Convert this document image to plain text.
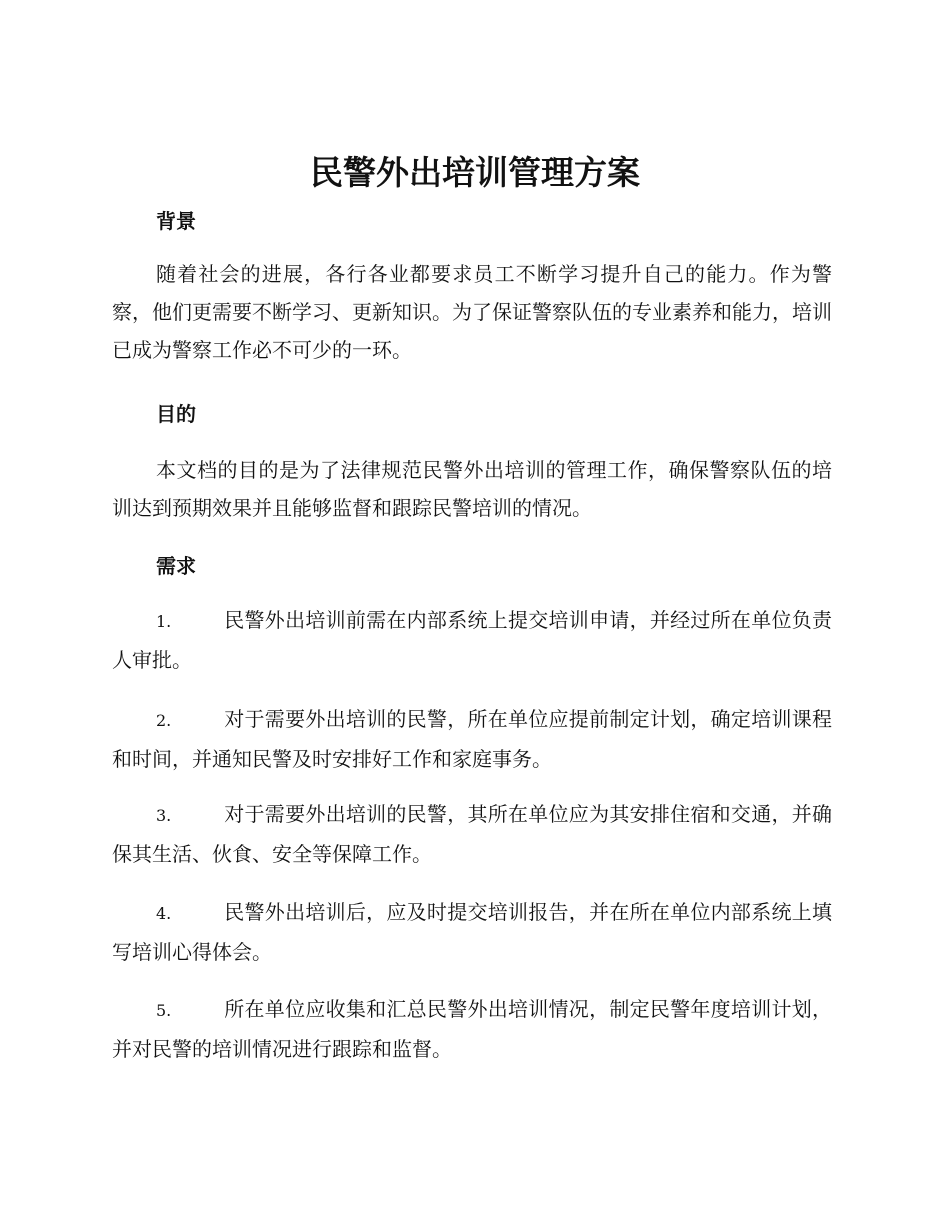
民警外出培训管理方案
背景

随着社会的进展，各行各业都要求员工不断学习提升自己的能力。作为警察，他们更需要不断学习、更新知识。为了保证警察队伍的专业素养和能力，培训已成为警察工作必不可少的一环。

目的

本文档的目的是为了法律规范民警外出培训的管理工作，确保警察队伍的培训达到预期效果并且能够监督和跟踪民警培训的情况。

需求

1.	民警外出培训前需在内部系统上提交培训申请，并经过所在单位负责人审批。

2.	对于需要外出培训的民警，所在单位应提前制定计划，确定培训课程和时间，并通知民警及时安排好工作和家庭事务。

3.	对于需要外出培训的民警，其所在单位应为其安排住宿和交通，并确保其生活、伙食、安全等保障工作。

4.	民警外出培训后，应及时提交培训报告，并在所在单位内部系统上填写培训心得体会。

5.	所在单位应收集和汇总民警外出培训情况，制定民警年度培训计划，并对民警的培训情况进行跟踪和监督。
